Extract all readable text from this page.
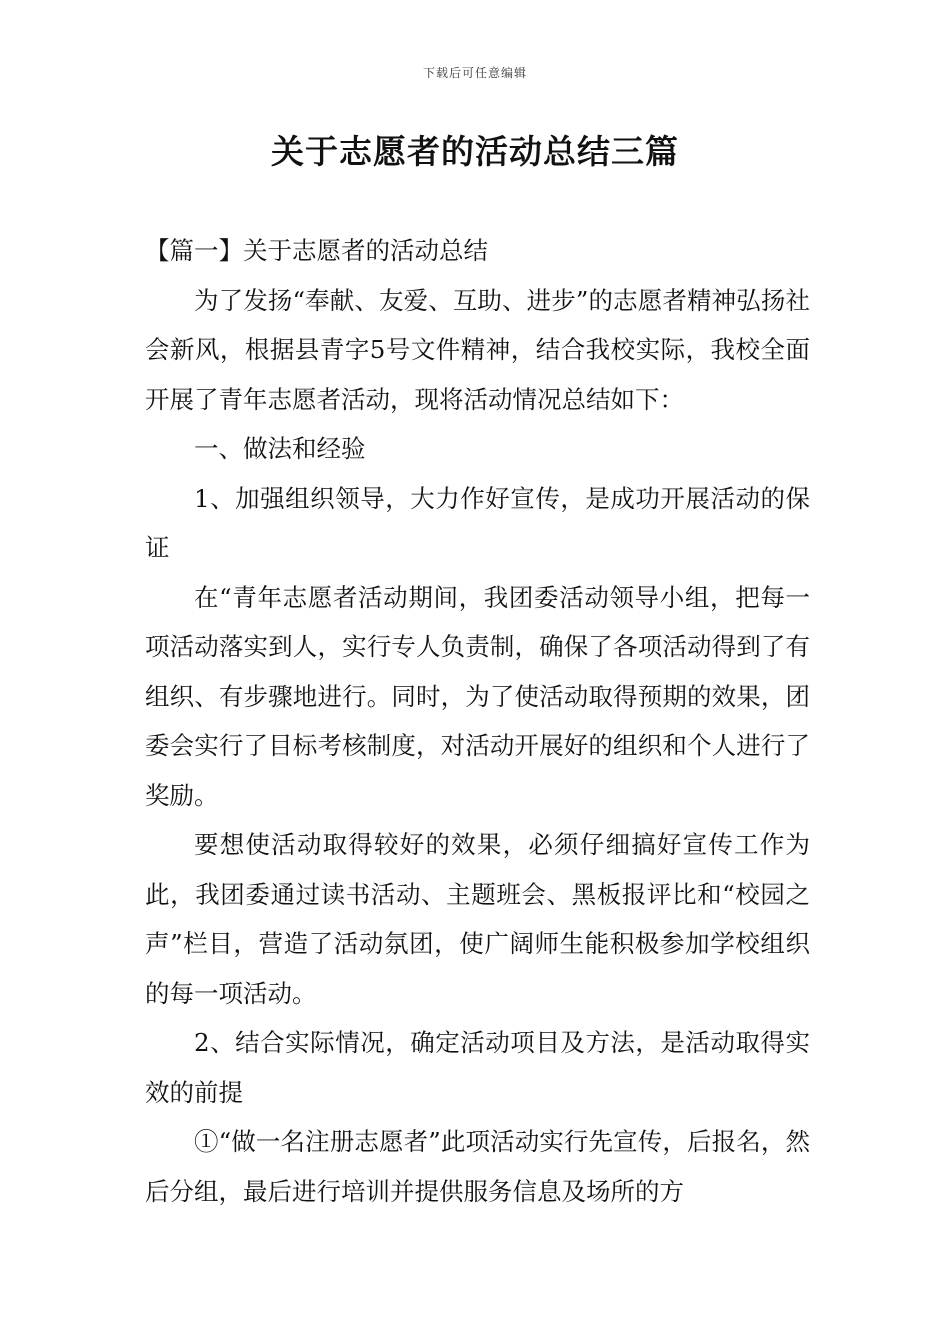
下载后可任意编辑
关于志愿者的活动总结三篇

【篇一】关于志愿者的活动总结

为了发扬“奉献、友爱、互助、进步”的志愿者精神弘扬社会新风，根据县青字5号文件精神，结合我校实际，我校全面开展了青年志愿者活动，现将活动情况总结如下：

一、做法和经验

1、加强组织领导，大力作好宣传，是成功开展活动的保证

在“青年志愿者活动期间，我团委活动领导小组，把每一项活动落实到人，实行专人负责制，确保了各项活动得到了有组织、有步骤地进行。同时，为了使活动取得预期的效果，团委会实行了目标考核制度，对活动开展好的组织和个人进行了奖励。

要想使活动取得较好的效果，必须仔细搞好宣传工作为此，我团委通过读书活动、主题班会、黑板报评比和“校园之声”栏目，营造了活动氛团，使广阔师生能积极参加学校组织的每一项活动。

2、结合实际情况，确定活动项目及方法，是活动取得实效的前提

①“做一名注册志愿者”此项活动实行先宣传，后报名，然后分组，最后进行培训并提供服务信息及场所的方
